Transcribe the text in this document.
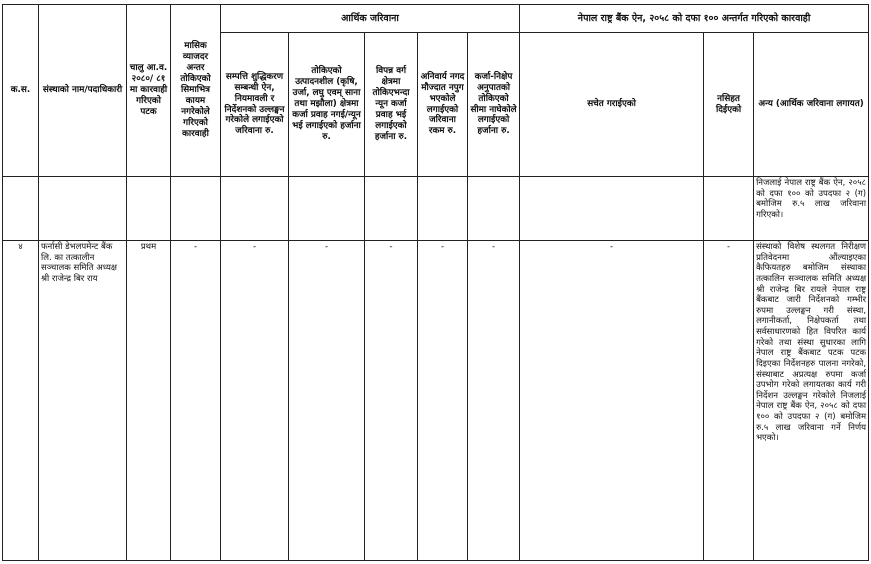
क.स.	संस्थाको नाम/पदाधिकारी	चालु आ.व. २०८०/ ८१ मा कारवाही गरिएको पटक	मासिक व्याजदर अन्तर तोकिएको सिमाभित्र कायम नगरेकोले गरिएको कारवाही	आर्थिक जरिवाना					नेपाल राष्ट्र बैंक ऐन, २०५८ को दफा १०० अन्तर्गत गरिएको कारवाही		
				सम्पत्ति शुद्धिकरण सम्बन्धी ऐन, नियमावली र निर्देशनको उल्लङ्घन गरेकोले लगाईएको जरिवाना रु.	तोकिएको उत्पादनशील (कृषि, उर्जा, लघु एवम् साना तथा मझौला) क्षेत्रमा कर्जा प्रवाह नगई/न्यून भई लगाईएको हर्जाना रु.	विपन्न वर्ग क्षेत्रमा तोकिएभन्दा न्यून कर्जा प्रवाह भई लगाईएको हर्जाना रु.	अनिवार्य नगद मौज्दात नपुग भएकोले लगाईएको जरिवाना रकम रु.	कर्जा-निक्षेप अनुपातको तोकिएको सीमा नाघेकोले लगाईएको हर्जाना रु.	सचेत गराईएको	नसिहत दिईएको	अन्य (आर्थिक जरिवाना लगायत)
											निजलाई नेपाल राष्ट्र बैंक ऐन, २०५८ को दफा १०० को उपदफा २ (ग) बमोजिम रु.५ लाख जरिवाना गरिएको।
४	फर्नासी डेभलपमेन्ट बैंक लि. का तत्कालीन सञ्चालक समिति अध्यक्ष श्री राजेन्द्र बिर राय	प्रथम	-	-	-	-	-	-	-	-	संस्थाको विशेष स्थलगत निरीक्षण प्रतिवेदनमा औंल्याइएका कैफियतहरु बमोजिम संस्थाका तत्कालिन सञ्चालक समिति अध्यक्ष श्री राजेन्द्र बिर रायले नेपाल राष्ट्र बैंकबाट जारी निर्देशनको गम्भीर रुपमा उल्लङ्घन गरी संस्था, लगानीकर्ता, निक्षेपकर्ता तथा सर्वसाधारणको हित विपरित कार्य गरेको तथा संस्था सुधारका लागि नेपाल राष्ट्र बैंकबाट पटक पटक दिइएका निर्देशनहरु पालना नगरेको, संस्थाबाट अप्रत्यक्ष रुपमा कर्जा उपभोग गरेको लगायतका कार्य गरी निर्देशन उल्लङ्घन गरेकोले निजलाई नेपाल राष्ट्र बैंक ऐन, २०५८ को दफा १०० को उपदफा २ (ग) बमोजिम रु.५ लाख जरिवाना गर्ने निर्णय भएको।
